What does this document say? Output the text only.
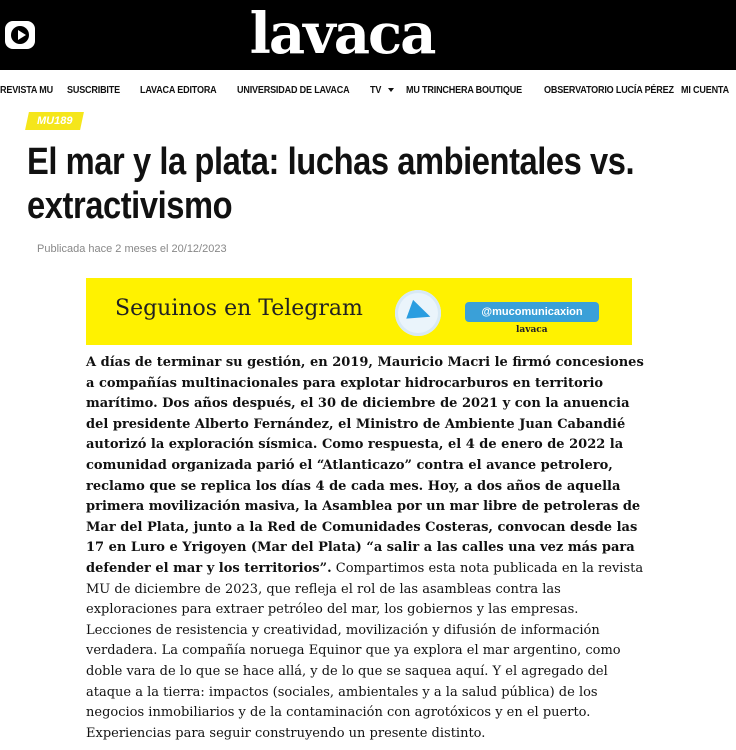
lavaca
REVISTA MU SUSCRIBITE LAVACA EDITORA UNIVERSIDAD DE LAVACA TV MU TRINCHERA BOUTIQUE OBSERVATORIO LUCÍA PÉREZ MI CUENTA
MU189
El mar y la plata: luchas ambientales vs.
extractivismo
Publicada hace 2 meses el 20/12/2023
Seguinos en Telegram	@mucomunicaxion
lavaca
A días de terminar su gestión, en 2019, Mauricio Macri le firmó concesiones a compañías multinacionales para explotar hidrocarburos en territorio marítimo. Dos años después, el 30 de diciembre de 2021 y con la anuencia del presidente Alberto Fernández, el Ministro de Ambiente Juan Cabandié autorizó la exploración sísmica. Como respuesta, el 4 de enero de 2022 la comunidad organizada parió el “Atlanticazo” contra el avance petrolero, reclamo que se replica los días 4 de cada mes. Hoy, a dos años de aquella primera movilización masiva, la Asamblea por un mar libre de petroleras de Mar del Plata, junto a la Red de Comunidades Costeras, convocan desde las 17 en Luro e Yrigoyen (Mar del Plata) “a salir a las calles una vez más para defender el mar y los territorios”. Compartimos esta nota publicada en la revista MU de diciembre de 2023, que refleja el rol de las asambleas contra las exploraciones para extraer petróleo del mar, los gobiernos y las empresas. Lecciones de resistencia y creatividad, movilización y difusión de información verdadera. La compañía noruega Equinor que ya explora el mar argentino, como doble vara de lo que se hace allá, y de lo que se saquea aquí. Y el agregado del ataque a la tierra: impactos (sociales, ambientales y a la salud pública) de los negocios inmobiliarios y de la contaminación con agrotóxicos y en el puerto. Experiencias para seguir construyendo un presente distinto.
